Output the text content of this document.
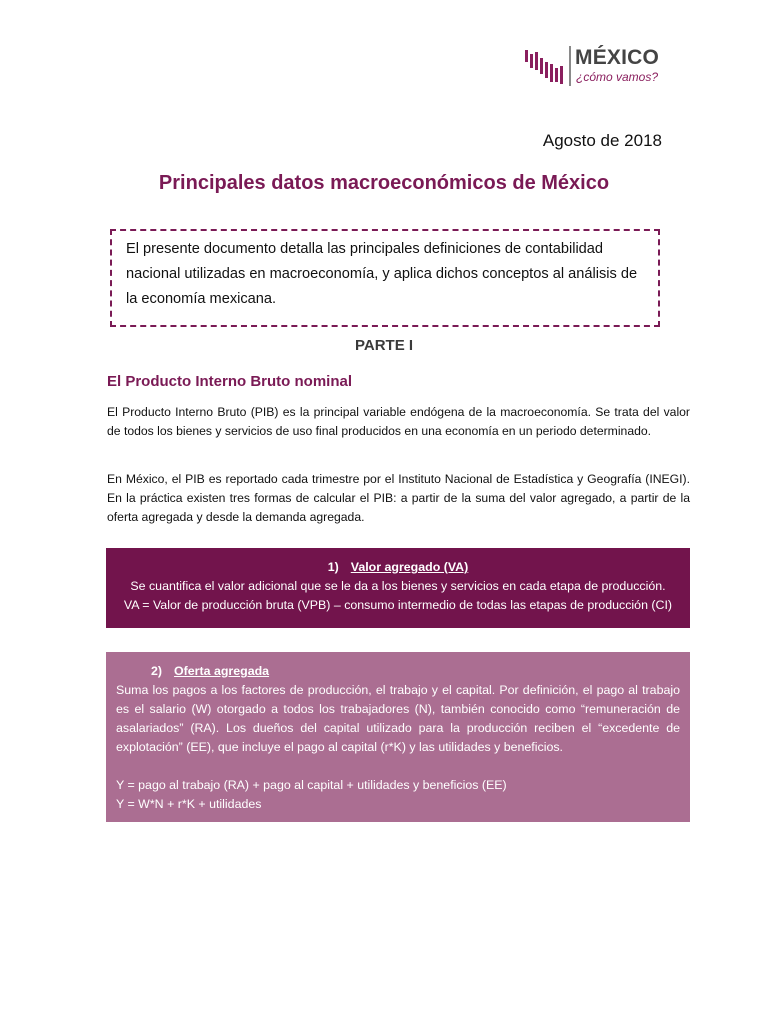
MÉXICO
¿cómo vamos?
Agosto de 2018
Principales datos macroeconómicos de México
El presente documento detalla las principales definiciones de contabilidad nacional utilizadas en macroeconomía, y aplica dichos conceptos al análisis de la economía mexicana.
PARTE I
El Producto Interno Bruto nominal
El Producto Interno Bruto (PIB) es la principal variable endógena de la macroeconomía. Se trata del valor de todos los bienes y servicios de uso final producidos en una economía en un periodo determinado.
En México, el PIB es reportado cada trimestre por el Instituto Nacional de Estadística y Geografía (INEGI). En la práctica existen tres formas de calcular el PIB: a partir de la suma del valor agregado, a partir de la oferta agregada y desde la demanda agregada.
1) Valor agregado (VA)
Se cuantifica el valor adicional que se le da a los bienes y servicios en cada etapa de producción.
VA = Valor de producción bruta (VPB) – consumo intermedio de todas las etapas de producción (CI)
2) Oferta agregada
Suma los pagos a los factores de producción, el trabajo y el capital. Por definición, el pago al trabajo es el salario (W) otorgado a todos los trabajadores (N), también conocido como “remuneración de asalariados” (RA). Los dueños del capital utilizado para la producción reciben el “excedente de explotación” (EE), que incluye el pago al capital (r*K) y las utilidades y beneficios.
Y = pago al trabajo (RA) + pago al capital + utilidades y beneficios (EE)
Y = W*N + r*K + utilidades
